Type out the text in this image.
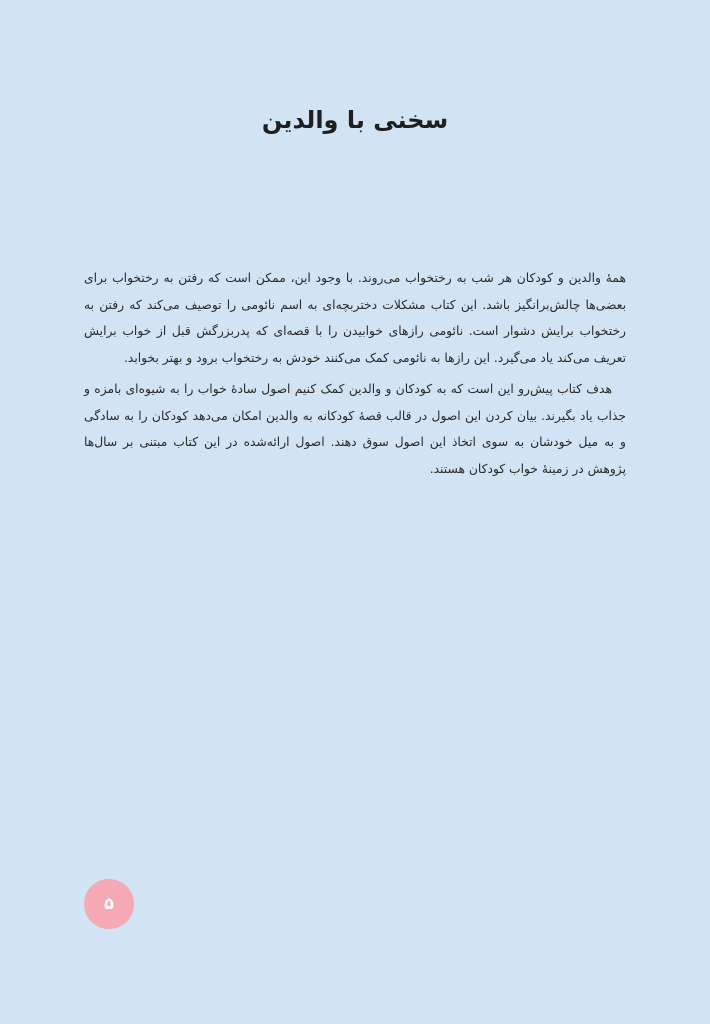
سخنی با والدین

همهٔ والدین و کودکان هر شب به رختخواب می‌روند. با وجود این، ممکن است که رفتن به رختخواب برای بعضی‌ها چالش‌برانگیز باشد. این کتاب مشکلات دختربچه‌ای به اسم نائومی را توصیف می‌کند که رفتن به رختخواب برایش دشوار است. نائومی رازهای خوابیدن را با قصه‌ای که پدربزرگش قبل از خواب برایش تعریف می‌کند یاد می‌گیرد. این رازها به نائومی کمک می‌کنند خودش به رختخواب برود و بهتر بخوابد.

هدف کتاب پیش‌رو این است که به کودکان و والدین کمک کنیم اصول سادهٔ خواب را به شیوه‌ای بامزه و جذاب یاد بگیرند. بیان کردن این اصول در قالب قصهٔ کودکانه به والدین امکان می‌دهد کودکان را به سادگی و به میل خودشان به سوی اتخاذ این اصول سوق دهند. اصول ارائه‌شده در این کتاب مبتنی بر سال‌ها پژوهش در زمینهٔ خواب کودکان هستند.

۵
